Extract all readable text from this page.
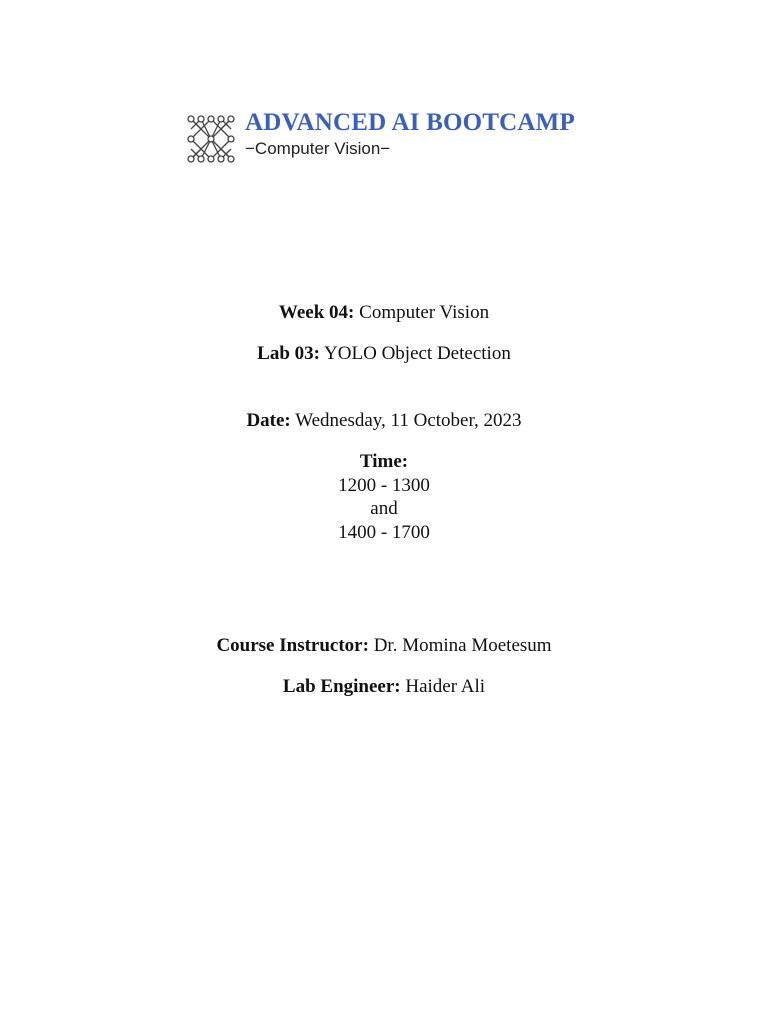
ADVANCED AI BOOTCAMP
−Computer Vision−
Week 04: Computer Vision
Lab 03: YOLO Object Detection
Date: Wednesday, 11 October, 2023
Time:
1200 - 1300
and
1400 - 1700
Course Instructor: Dr. Momina Moetesum
Lab Engineer: Haider Ali
